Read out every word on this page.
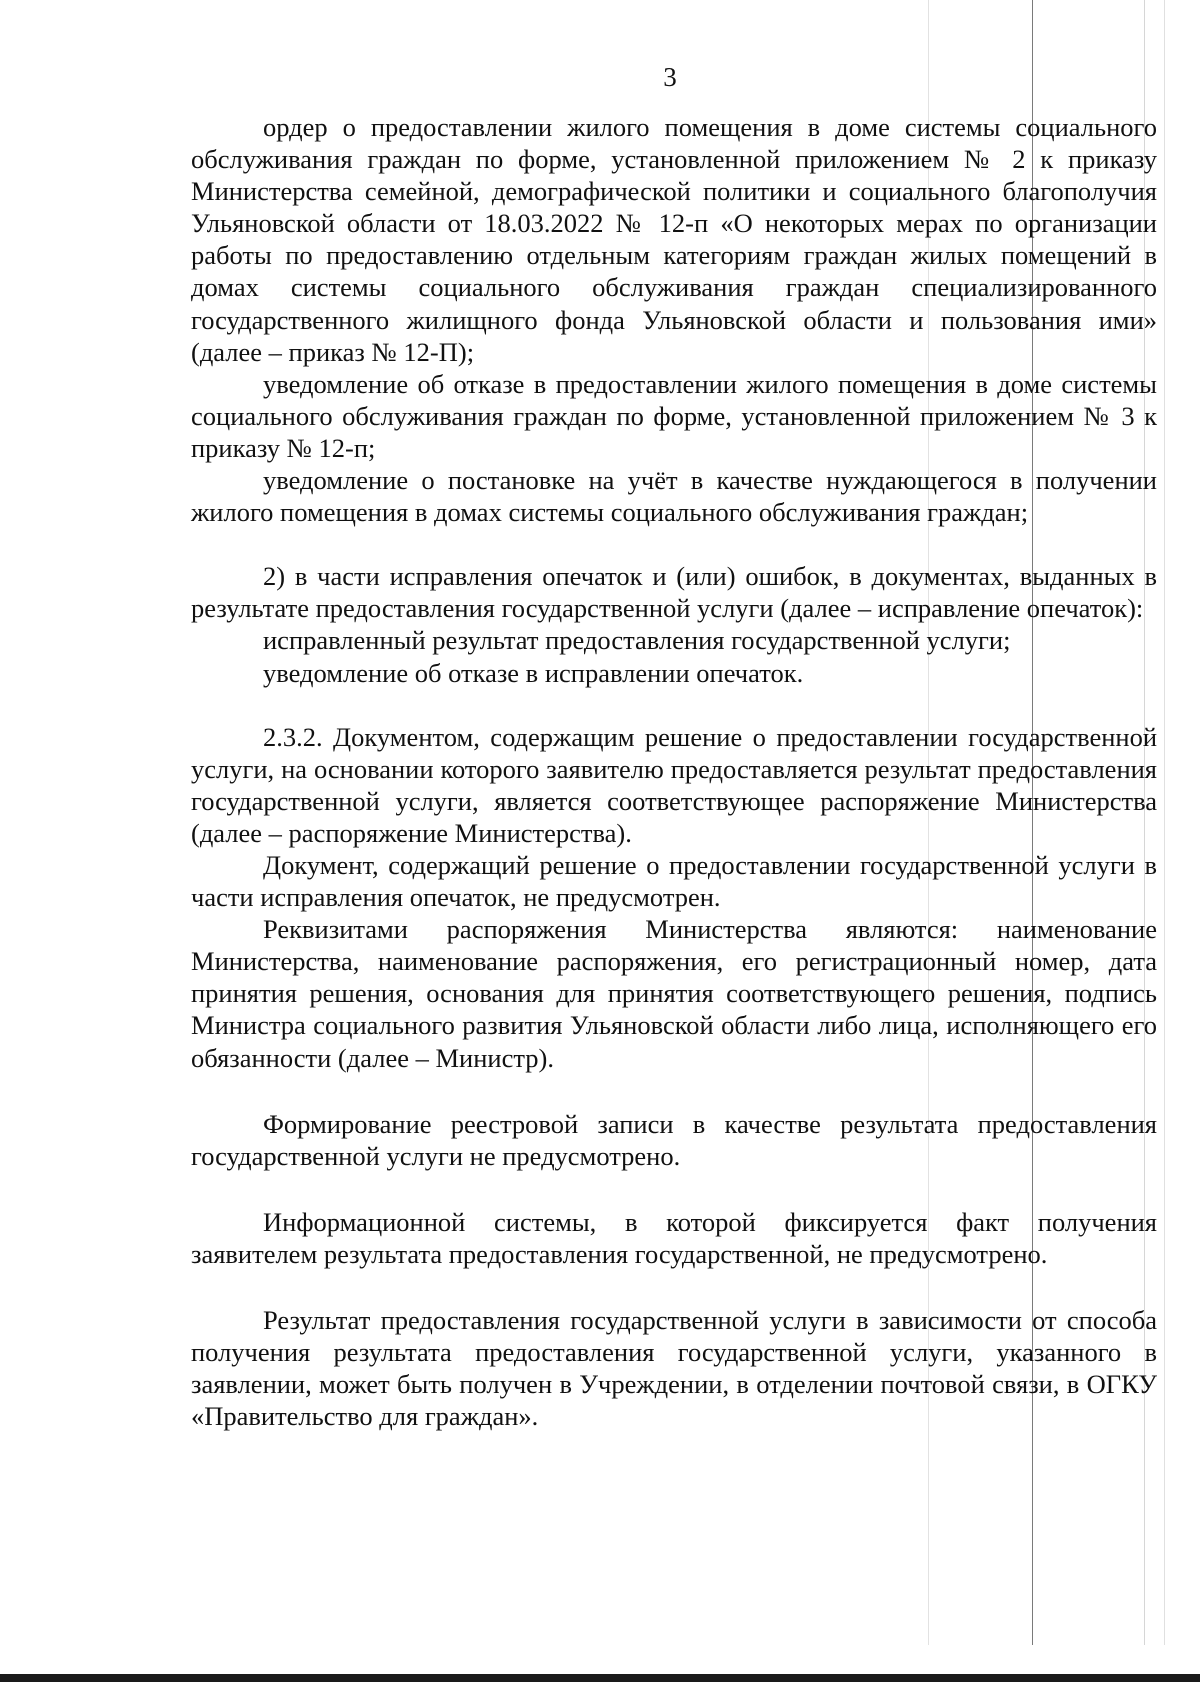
3

ордер о предоставлении жилого помещения в доме системы социального обслуживания граждан по форме, установленной приложением № 2 к приказу Министерства семейной, демографической политики и социального благополучия Ульяновской области от 18.03.2022 № 12-п «О некоторых мерах по организации работы по предоставлению отдельным категориям граждан жилых помещений в домах системы социального обслуживания граждан специализированного государственного жилищного фонда Ульяновской области и пользования ими» (далее – приказ № 12-П);

уведомление об отказе в предоставлении жилого помещения в доме системы социального обслуживания граждан по форме, установленной приложением № 3 к приказу № 12-п;

уведомление о постановке на учёт в качестве нуждающегося в получении жилого помещения в домах системы социального обслуживания граждан;

2) в части исправления опечаток и (или) ошибок, в документах, выданных в результате предоставления государственной услуги (далее – исправление опечаток):

исправленный результат предоставления государственной услуги;

уведомление об отказе в исправлении опечаток.

2.3.2. Документом, содержащим решение о предоставлении государственной услуги, на основании которого заявителю предоставляется результат предоставления государственной услуги, является соответствующее распоряжение Министерства (далее – распоряжение Министерства).

Документ, содержащий решение о предоставлении государственной услуги в части исправления опечаток, не предусмотрен.

Реквизитами распоряжения Министерства являются: наименование Министерства, наименование распоряжения, его регистрационный номер, дата принятия решения, основания для принятия соответствующего решения, подпись Министра социального развития Ульяновской области либо лица, исполняющего его обязанности (далее – Министр).

Формирование реестровой записи в качестве результата предоставления государственной услуги не предусмотрено.

Информационной системы, в которой фиксируется факт получения заявителем результата предоставления государственной, не предусмотрено.

Результат предоставления государственной услуги в зависимости от способа получения результата предоставления государственной услуги, указанного в заявлении, может быть получен в Учреждении, в отделении почтовой связи, в ОГКУ «Правительство для граждан».
